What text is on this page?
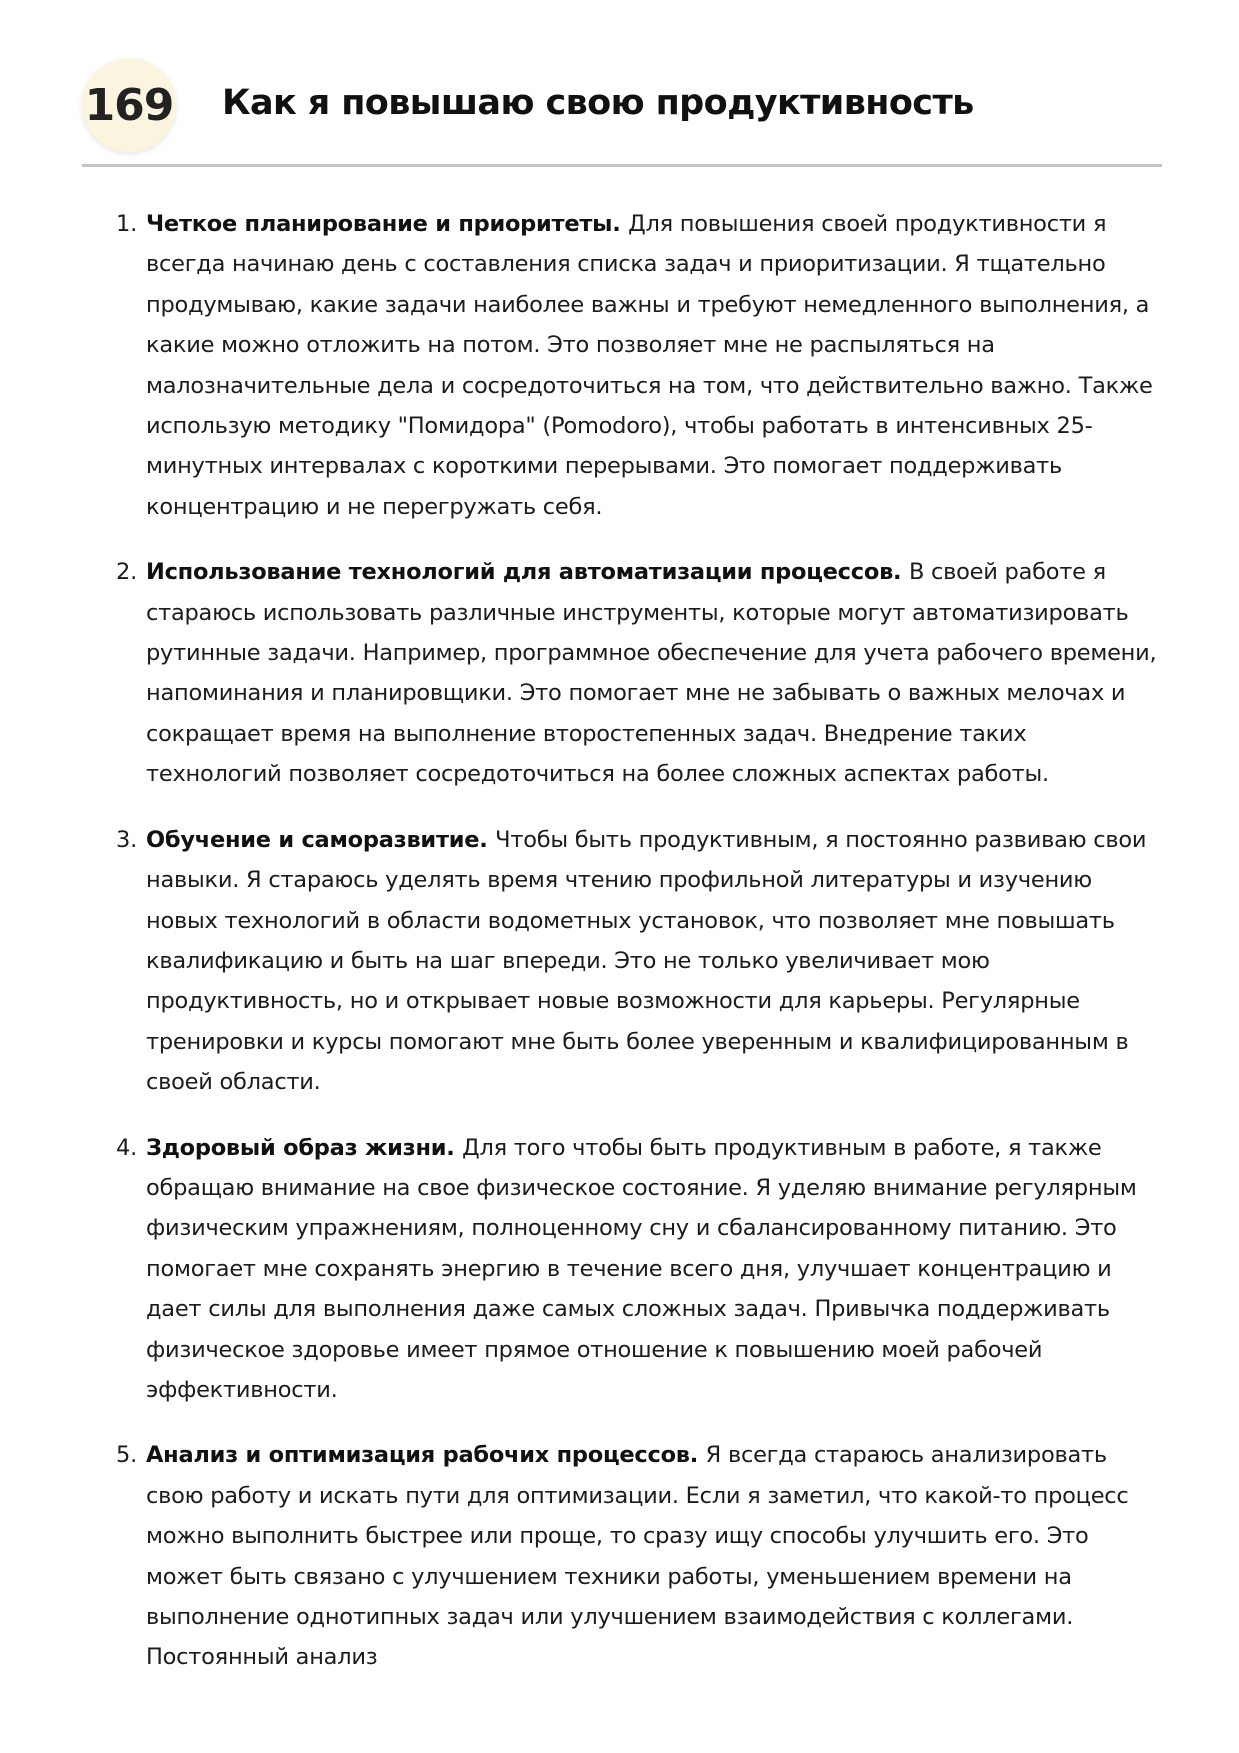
169 Как я повышаю свою продуктивность
1. Четкое планирование и приоритеты. Для повышения своей продуктивности я всегда начинаю день с составления списка задач и приоритизации. Я тщательно продумываю, какие задачи наиболее важны и требуют немедленного выполнения, а какие можно отложить на потом. Это позволяет мне не распыляться на малозначительные дела и сосредоточиться на том, что действительно важно. Также использую методику "Помидора" (Pomodoro), чтобы работать в интенсивных 25-минутных интервалах с короткими перерывами. Это помогает поддерживать концентрацию и не перегружать себя.
2. Использование технологий для автоматизации процессов. В своей работе я стараюсь использовать различные инструменты, которые могут автоматизировать рутинные задачи. Например, программное обеспечение для учета рабочего времени, напоминания и планировщики. Это помогает мне не забывать о важных мелочах и сокращает время на выполнение второстепенных задач. Внедрение таких технологий позволяет сосредоточиться на более сложных аспектах работы.
3. Обучение и саморазвитие. Чтобы быть продуктивным, я постоянно развиваю свои навыки. Я стараюсь уделять время чтению профильной литературы и изучению новых технологий в области водометных установок, что позволяет мне повышать квалификацию и быть на шаг впереди. Это не только увеличивает мою продуктивность, но и открывает новые возможности для карьеры. Регулярные тренировки и курсы помогают мне быть более уверенным и квалифицированным в своей области.
4. Здоровый образ жизни. Для того чтобы быть продуктивным в работе, я также обращаю внимание на свое физическое состояние. Я уделяю внимание регулярным физическим упражнениям, полноценному сну и сбалансированному питанию. Это помогает мне сохранять энергию в течение всего дня, улучшает концентрацию и дает силы для выполнения даже самых сложных задач. Привычка поддерживать физическое здоровье имеет прямое отношение к повышению моей рабочей эффективности.
5. Анализ и оптимизация рабочих процессов. Я всегда стараюсь анализировать свою работу и искать пути для оптимизации. Если я заметил, что какой-то процесс можно выполнить быстрее или проще, то сразу ищу способы улучшить его. Это может быть связано с улучшением техники работы, уменьшением времени на выполнение однотипных задач или улучшением взаимодействия с коллегами. Постоянный анализ
